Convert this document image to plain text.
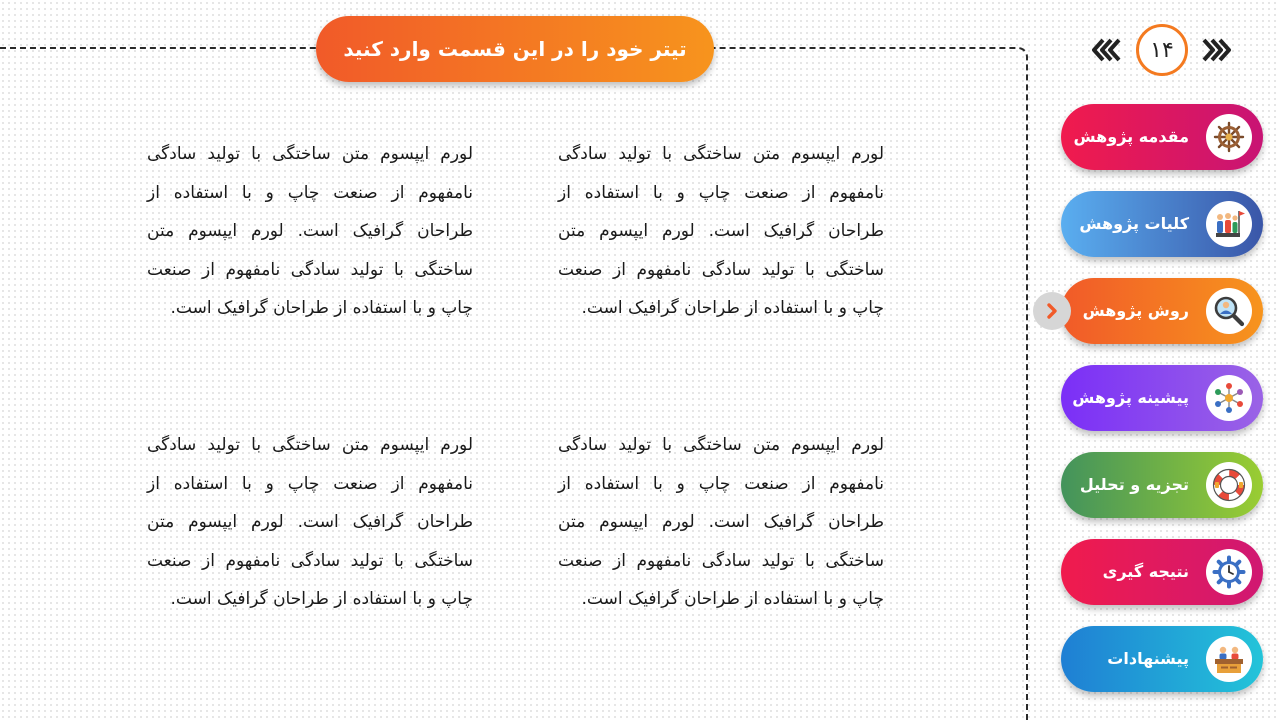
تیتر خود را در این قسمت وارد کنید
لورم ایپسوم متن ساختگی با تولید سادگی نامفهوم از صنعت چاپ و با استفاده از طراحان گرافیک است. لورم ایپسوم متن ساختگی با تولید سادگی نامفهوم از صنعت چاپ و با استفاده از طراحان گرافیک است.
لورم ایپسوم متن ساختگی با تولید سادگی نامفهوم از صنعت چاپ و با استفاده از طراحان گرافیک است. لورم ایپسوم متن ساختگی با تولید سادگی نامفهوم از صنعت چاپ و با استفاده از طراحان گرافیک است.
لورم ایپسوم متن ساختگی با تولید سادگی نامفهوم از صنعت چاپ و با استفاده از طراحان گرافیک است. لورم ایپسوم متن ساختگی با تولید سادگی نامفهوم از صنعت چاپ و با استفاده از طراحان گرافیک است.
لورم ایپسوم متن ساختگی با تولید سادگی نامفهوم از صنعت چاپ و با استفاده از طراحان گرافیک است. لورم ایپسوم متن ساختگی با تولید سادگی نامفهوم از صنعت چاپ و با استفاده از طراحان گرافیک است.
۱۴
مقدمه پژوهش
کلیات پژوهش
روش پژوهش
پیشینه پژوهش
تجزیه و تحلیل
نتیجه گیری
پیشنهادات
